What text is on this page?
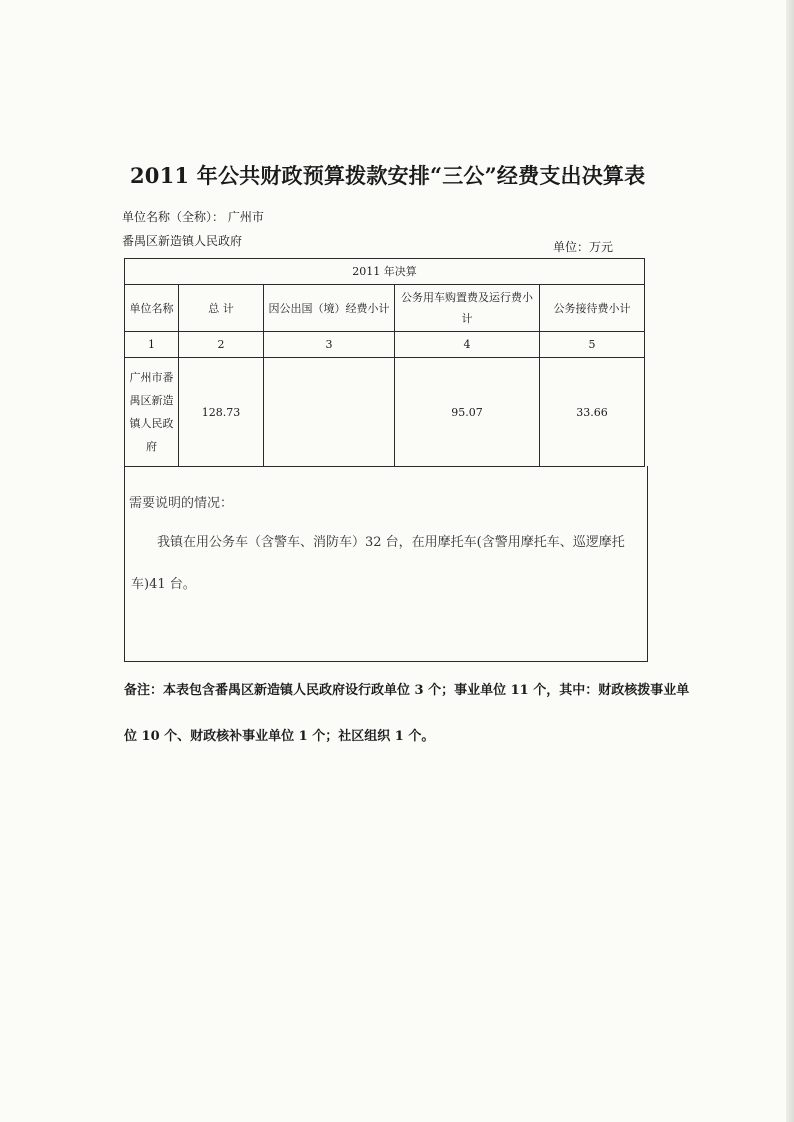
2011 年公共财政预算拨款安排“三公”经费支出决算表
单位名称（全称）： 广州市番禺区新造镇人民政府	单位：万元
2011 年决算				
单位名称	总 计	因公出国（境）经费小计	公务用车购置费及运行费小计	公务接待费小计
1	2	3	4	5
广州市番禺区新造镇人民政府	128.73		95.07	33.66
需要说明的情况：
我镇在用公务车（含警车、消防车）32 台，在用摩托车(含警用摩托车、巡逻摩托车)41 台。
备注：本表包含番禺区新造镇人民政府设行政单位 3 个；事业单位 11 个，其中：财政核拨事业单位 10 个、财政核补事业单位 1 个；社区组织 1 个。
